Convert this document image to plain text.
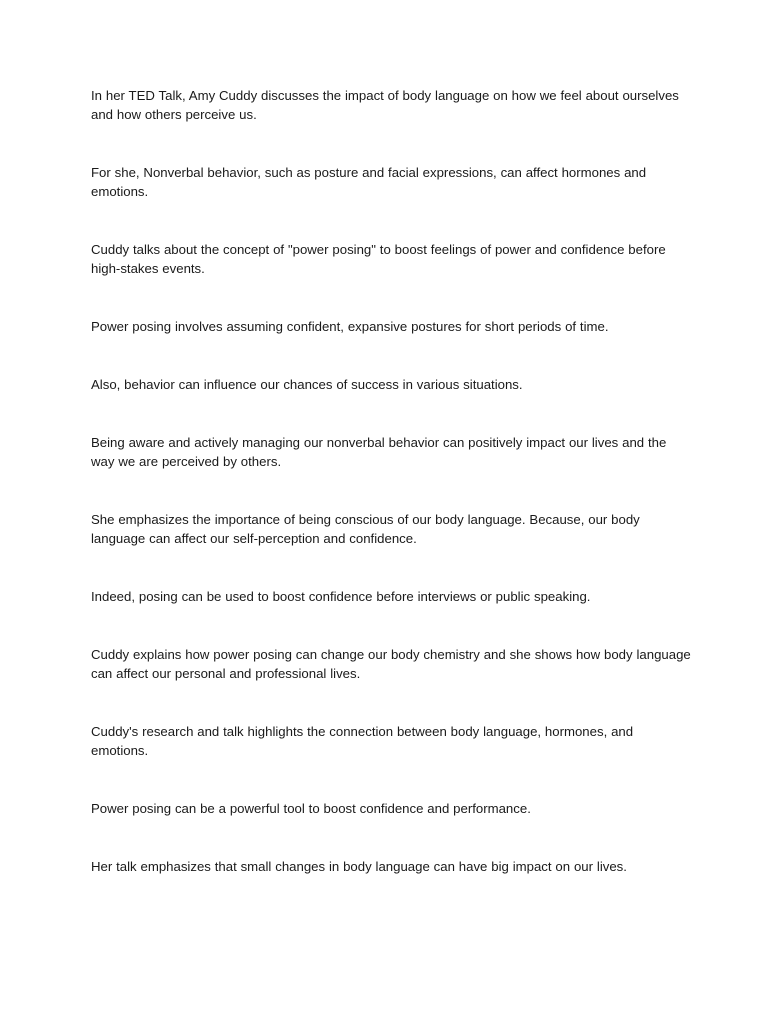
In her TED Talk, Amy Cuddy discusses the impact of body language on how we feel about ourselves and how others perceive us.

For she, Nonverbal behavior, such as posture and facial expressions, can affect hormones and emotions.

Cuddy talks about the concept of "power posing" to boost feelings of power and confidence before high-stakes events.

Power posing involves assuming confident, expansive postures for short periods of time.

Also, behavior can influence our chances of success in various situations.

Being aware and actively managing our nonverbal behavior can positively impact our lives and the way we are perceived by others.

She emphasizes the importance of being conscious of our body language. Because, our body language can affect our self-perception and confidence.

Indeed, posing can be used to boost confidence before interviews or public speaking.

Cuddy explains how power posing can change our body chemistry and she shows how body language can affect our personal and professional lives.

Cuddy's research and talk highlights the connection between body language, hormones, and emotions.

Power posing can be a powerful tool to boost confidence and performance.

Her talk emphasizes that small changes in body language can have big impact on our lives.
